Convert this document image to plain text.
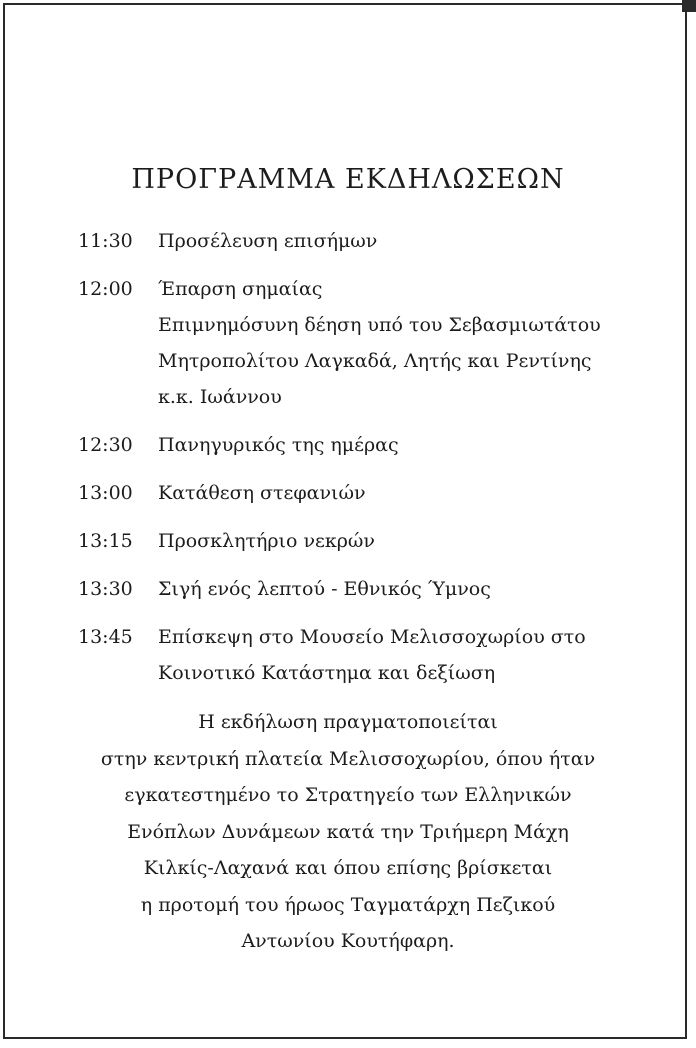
ΠΡΟΓΡΑΜΜΑ ΕΚΔΗΛΩΣΕΩΝ
11:30	Προσέλευση επισήμων
12:00	Έπαρση σημαίας
Επιμνημόσυνη δέηση υπό του Σεβασμιωτάτου
Μητροπολίτου Λαγκαδά, Λητής και Ρεντίνης
κ.κ. Ιωάννου
12:30	Πανηγυρικός της ημέρας
13:00	Κατάθεση στεφανιών
13:15	Προσκλητήριο νεκρών
13:30	Σιγή ενός λεπτού - Εθνικός Ύμνος
13:45	Επίσκεψη στο Μουσείο Μελισσοχωρίου στο
Κοινοτικό Κατάστημα και δεξίωση
Η εκδήλωση πραγματοποιείται
στην κεντρική πλατεία Μελισσοχωρίου, όπου ήταν
εγκατεστημένο το Στρατηγείο των Ελληνικών
Ενόπλων Δυνάμεων κατά την Τριήμερη Μάχη
Κιλκίς-Λαχανά και όπου επίσης βρίσκεται
η προτομή του ήρωος Ταγματάρχη Πεζικού
Αντωνίου Κουτήφαρη.
